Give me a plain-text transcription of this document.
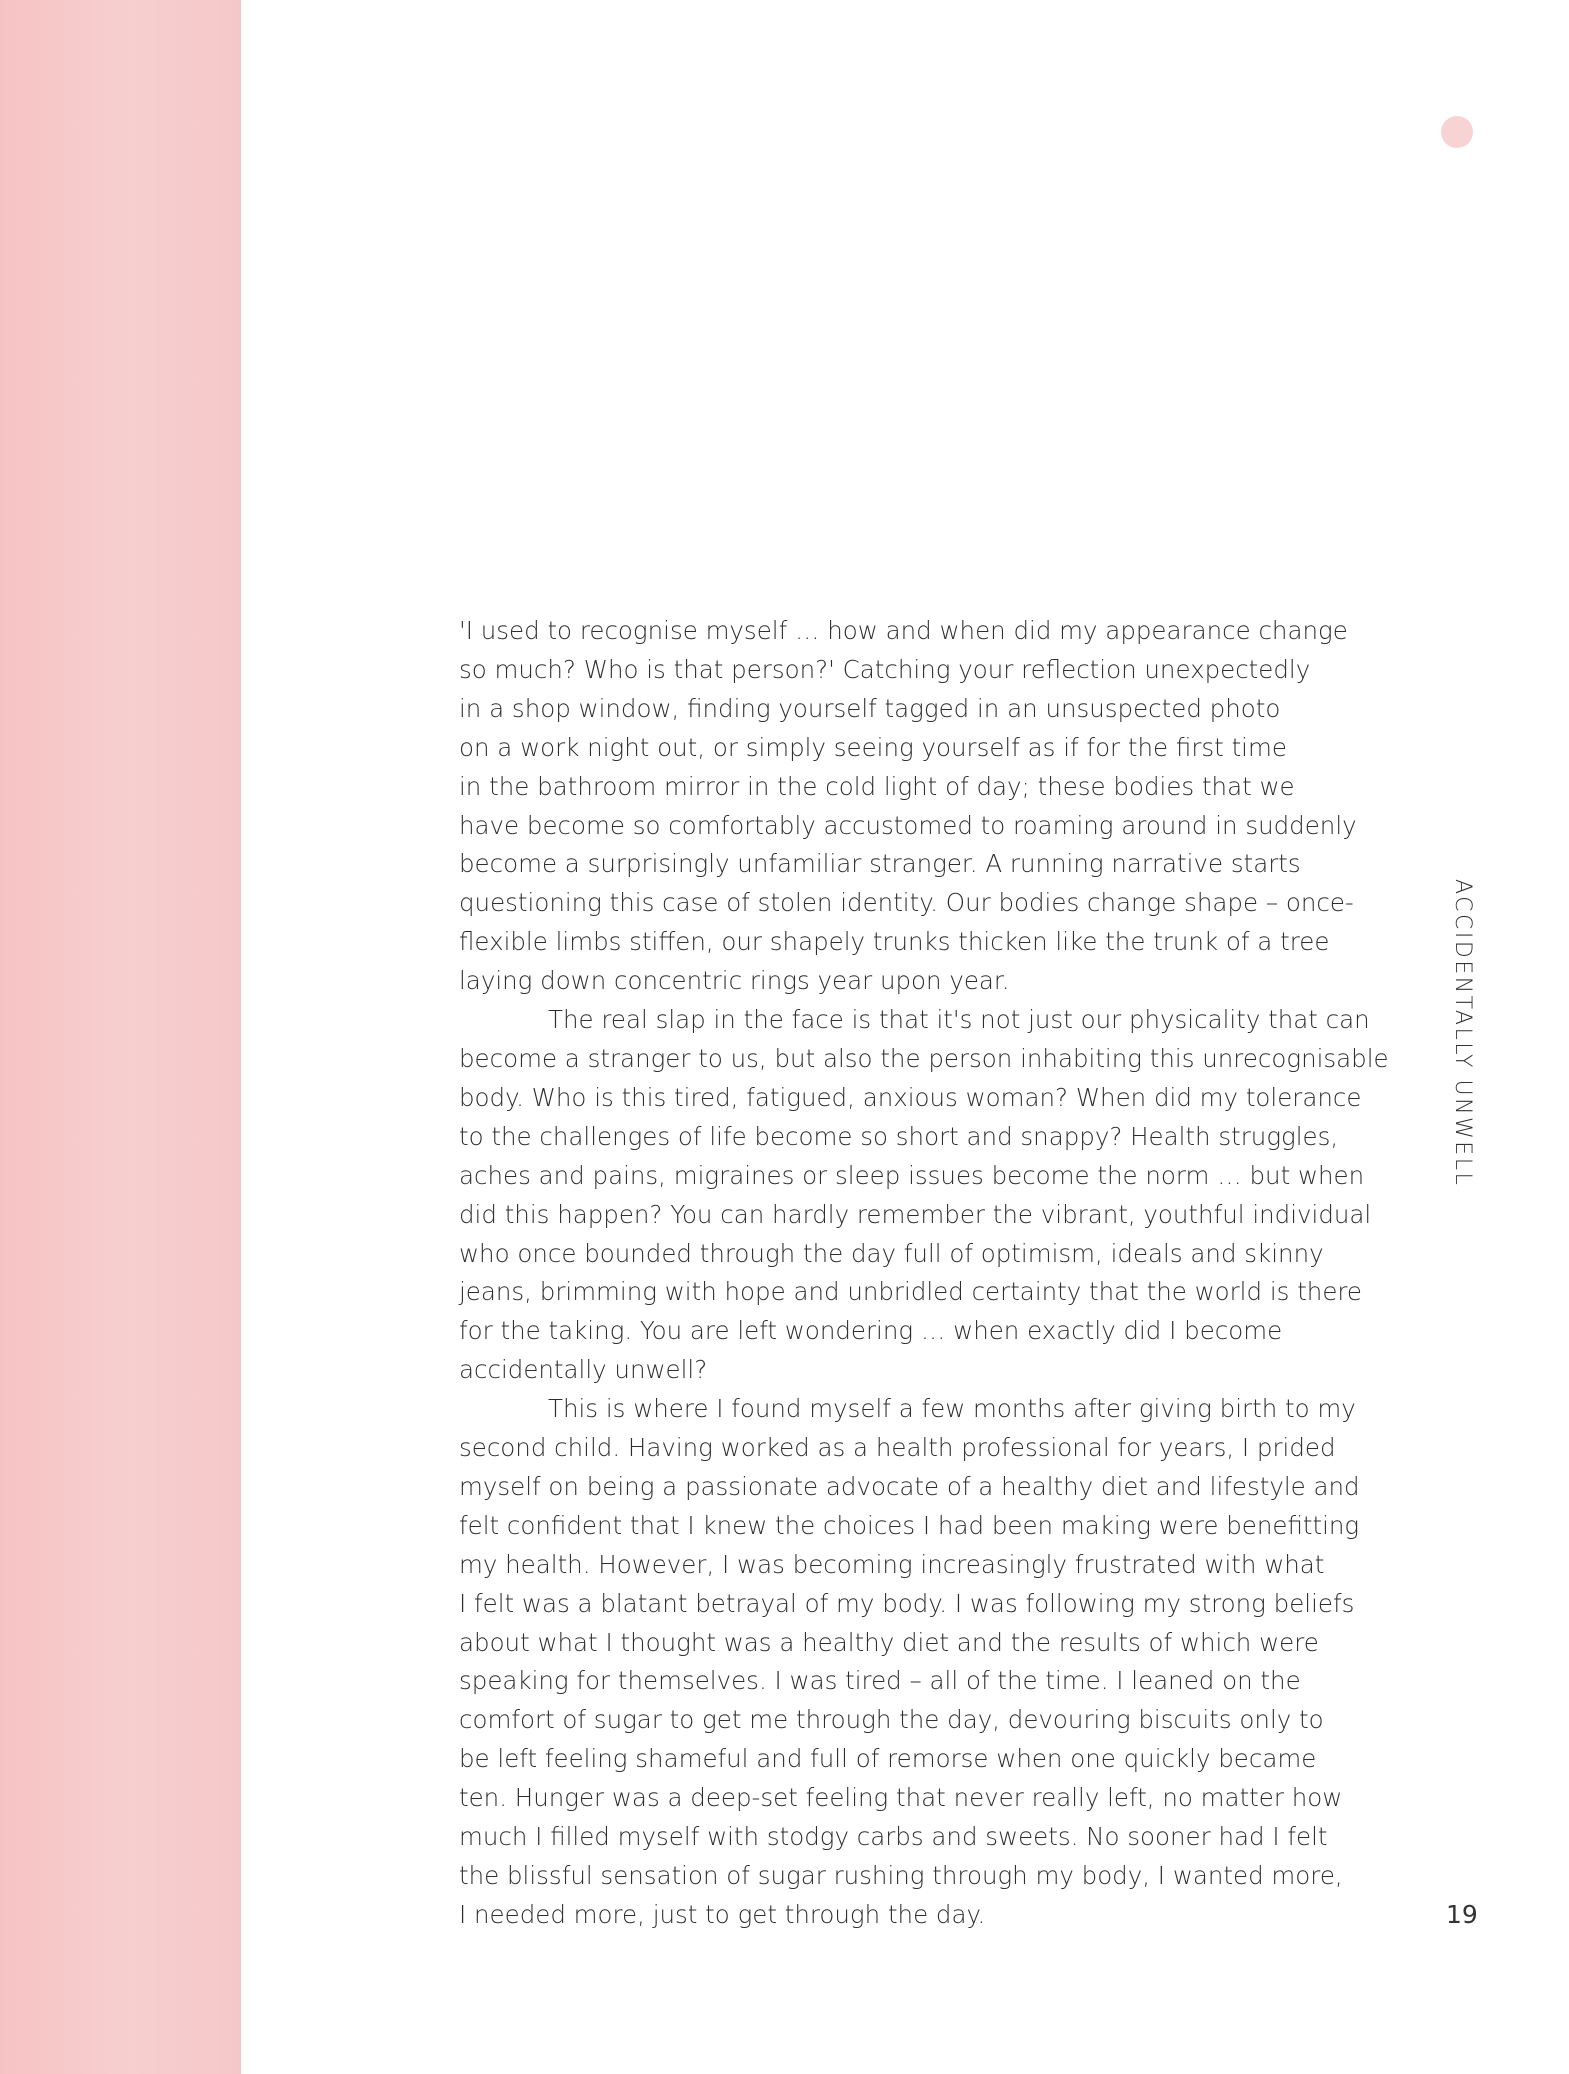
'I used to recognise myself … how and when did my appearance change
so much? Who is that person?' Catching your reflection unexpectedly
in a shop window, finding yourself tagged in an unsuspected photo
on a work night out, or simply seeing yourself as if for the first time
in the bathroom mirror in the cold light of day; these bodies that we
have become so comfortably accustomed to roaming around in suddenly
become a surprisingly unfamiliar stranger. A running narrative starts
questioning this case of stolen identity. Our bodies change shape – once-
flexible limbs stiffen, our shapely trunks thicken like the trunk of a tree
laying down concentric rings year upon year.

The real slap in the face is that it's not just our physicality that can
become a stranger to us, but also the person inhabiting this unrecognisable
body. Who is this tired, fatigued, anxious woman? When did my tolerance
to the challenges of life become so short and snappy? Health struggles,
aches and pains, migraines or sleep issues become the norm … but when
did this happen? You can hardly remember the vibrant, youthful individual
who once bounded through the day full of optimism, ideals and skinny
jeans, brimming with hope and unbridled certainty that the world is there
for the taking. You are left wondering … when exactly did I become
accidentally unwell?

This is where I found myself a few months after giving birth to my
second child. Having worked as a health professional for years, I prided
myself on being a passionate advocate of a healthy diet and lifestyle and
felt confident that I knew the choices I had been making were benefitting
my health. However, I was becoming increasingly frustrated with what
I felt was a blatant betrayal of my body. I was following my strong beliefs
about what I thought was a healthy diet and the results of which were
speaking for themselves. I was tired – all of the time. I leaned on the
comfort of sugar to get me through the day, devouring biscuits only to
be left feeling shameful and full of remorse when one quickly became
ten. Hunger was a deep-set feeling that never really left, no matter how
much I filled myself with stodgy carbs and sweets. No sooner had I felt
the blissful sensation of sugar rushing through my body, I wanted more,
I needed more, just to get through the day.

ACCIDENTALLY UNWELL
19
